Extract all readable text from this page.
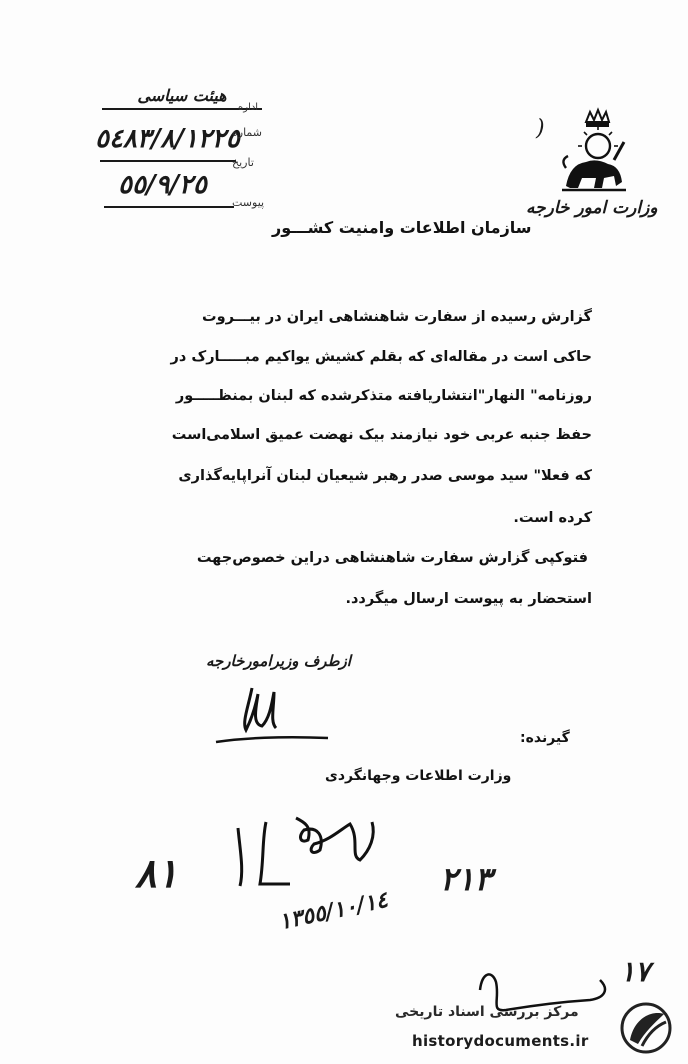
هیئت سیاسی
اداره
٥٤٨٣/٨/١٢٢٥
شماره
٥٥/٩/٢٥
تاریخ
پیوست
(
وزارت امور خارجه
سازمان اطلاعات وامنیت کشـــور
گزارش رسیده از سفارت شاهنشاهی ایران در بیـــروت
حاکی است در مقاله‌ای که بقلم کشیش یواکیم مبـــــارک در
روزنامه" النهار"انتشاریافته متذکرشده که لبنان بمنظـــــور
حفظ جنبه عربی خود نیازمند بیک نهضت عمیق اسلامی‌است
که فعلا" سید موسی صدر رهبر شیعیان لبنان آنراپایه‌گذاری
کرده است.
فتوکپی گزارش سفارت شاهنشاهی دراین خصوص‌جهت
استحضار به پیوست ارسال میگردد.
ازطرف وزیرامورخارجه
گیرنده:
وزارت اطلاعات وجهانگردی
٨١	٢١٣
١٣٥٥/١٠/١٤
١٧
مرکز بررسی اسناد تاریخی
historydocuments.ir
